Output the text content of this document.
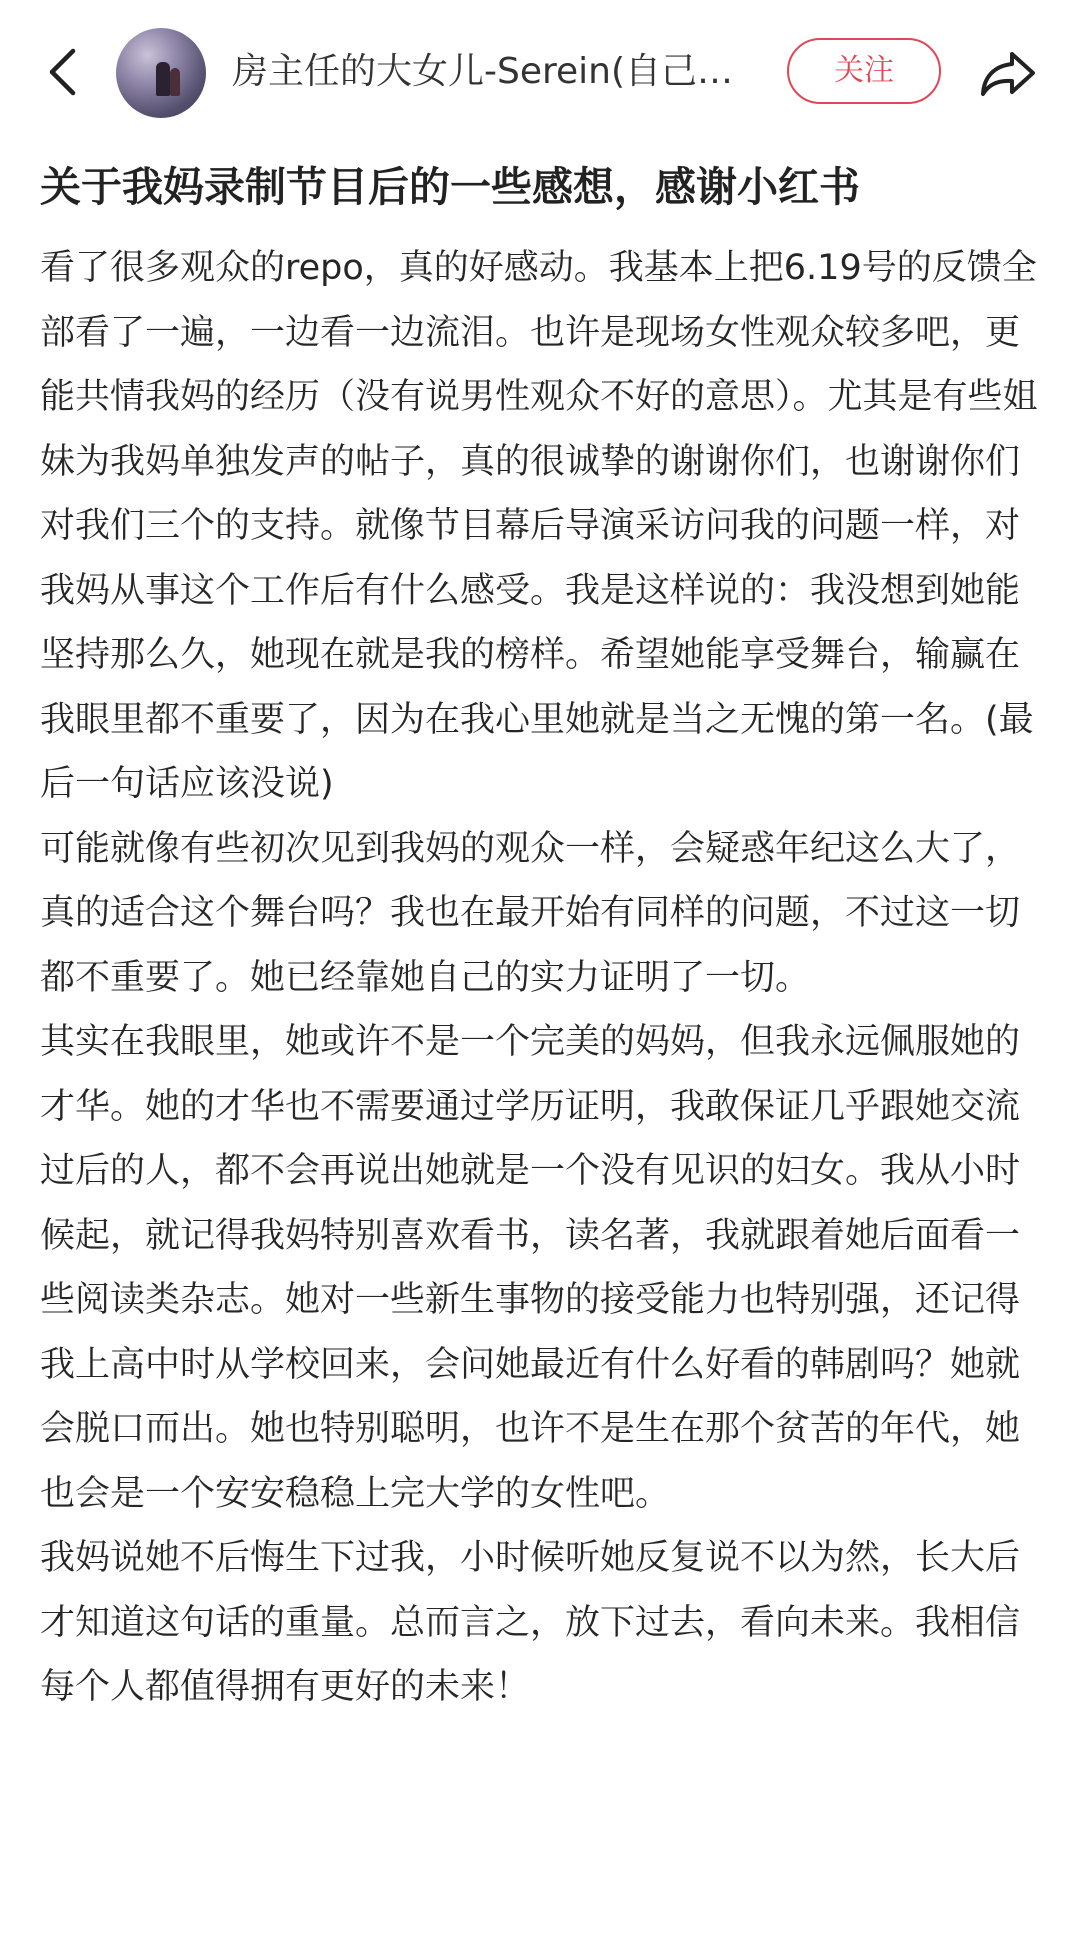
房主任的大女儿-Serein(自己…	关注
关于我妈录制节目后的一些感想，感谢小红书

看了很多观众的repo，真的好感动。我基本上把6.19号的反馈全部看了一遍，一边看一边流泪。也许是现场女性观众较多吧，更能共情我妈的经历（没有说男性观众不好的意思）。尤其是有些姐妹为我妈单独发声的帖子，真的很诚挚的谢谢你们，也谢谢你们对我们三个的支持。就像节目幕后导演采访问我的问题一样，对我妈从事这个工作后有什么感受。我是这样说的：我没想到她能坚持那么久，她现在就是我的榜样。希望她能享受舞台，输赢在我眼里都不重要了，因为在我心里她就是当之无愧的第一名。(最后一句话应该没说)

可能就像有些初次见到我妈的观众一样，会疑惑年纪这么大了，真的适合这个舞台吗？我也在最开始有同样的问题，不过这一切都不重要了。她已经靠她自己的实力证明了一切。

其实在我眼里，她或许不是一个完美的妈妈，但我永远佩服她的才华。她的才华也不需要通过学历证明，我敢保证几乎跟她交流过后的人，都不会再说出她就是一个没有见识的妇女。我从小时候起，就记得我妈特别喜欢看书，读名著，我就跟着她后面看一些阅读类杂志。她对一些新生事物的接受能力也特别强，还记得我上高中时从学校回来，会问她最近有什么好看的韩剧吗？她就会脱口而出。她也特别聪明，也许不是生在那个贫苦的年代，她也会是一个安安稳稳上完大学的女性吧。

我妈说她不后悔生下过我，小时候听她反复说不以为然，长大后才知道这句话的重量。总而言之，放下过去，看向未来。我相信每个人都值得拥有更好的未来！
